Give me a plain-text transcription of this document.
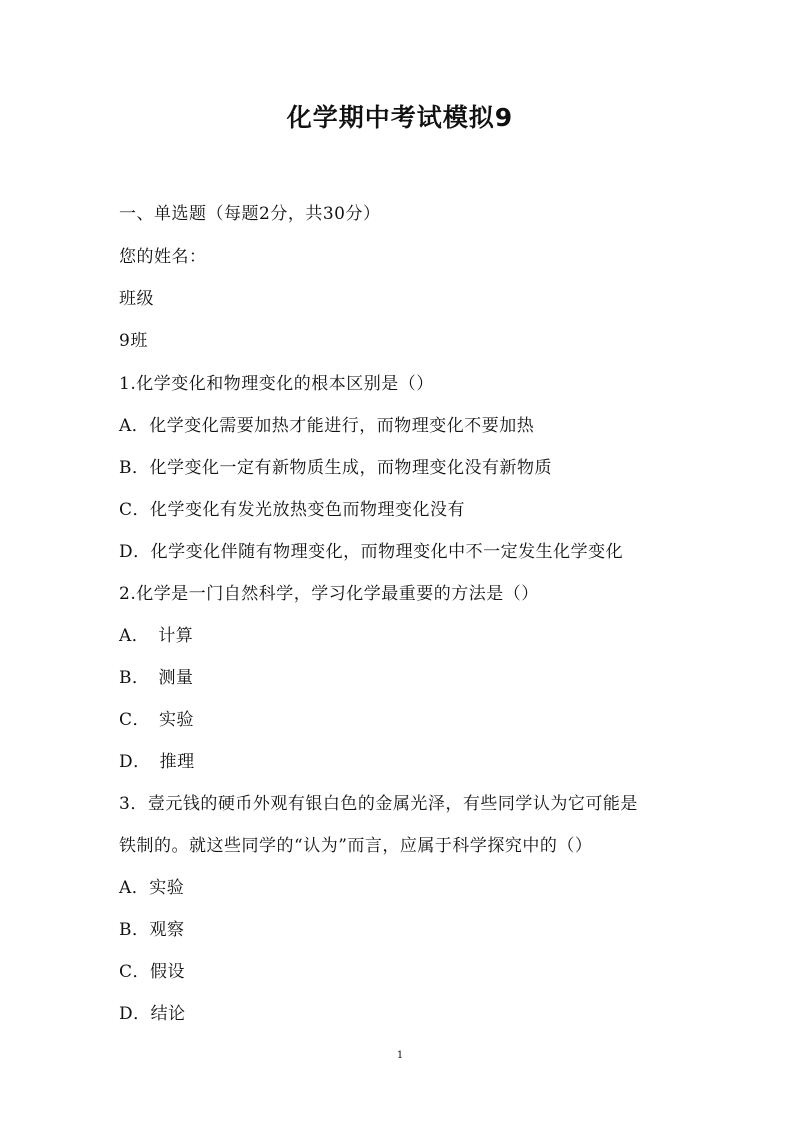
化学期中考试模拟9
一、单选题（每题2分，共30分）
您的姓名：
班级
9班
1.化学变化和物理变化的根本区别是（）
A．化学变化需要加热才能进行，而物理变化不要加热
B．化学变化一定有新物质生成，而物理变化没有新物质
C．化学变化有发光放热变色而物理变化没有
D．化学变化伴随有物理变化，而物理变化中不一定发生化学变化
2.化学是一门自然科学，学习化学最重要的方法是（）
A．　计算
B．　测量
C．　实验
D．　推理
3．壹元钱的硬币外观有银白色的金属光泽，有些同学认为它可能是
铁制的。就这些同学的“认为”而言，应属于科学探究中的（）
A．实验
B．观察
C．假设
D．结论
1
